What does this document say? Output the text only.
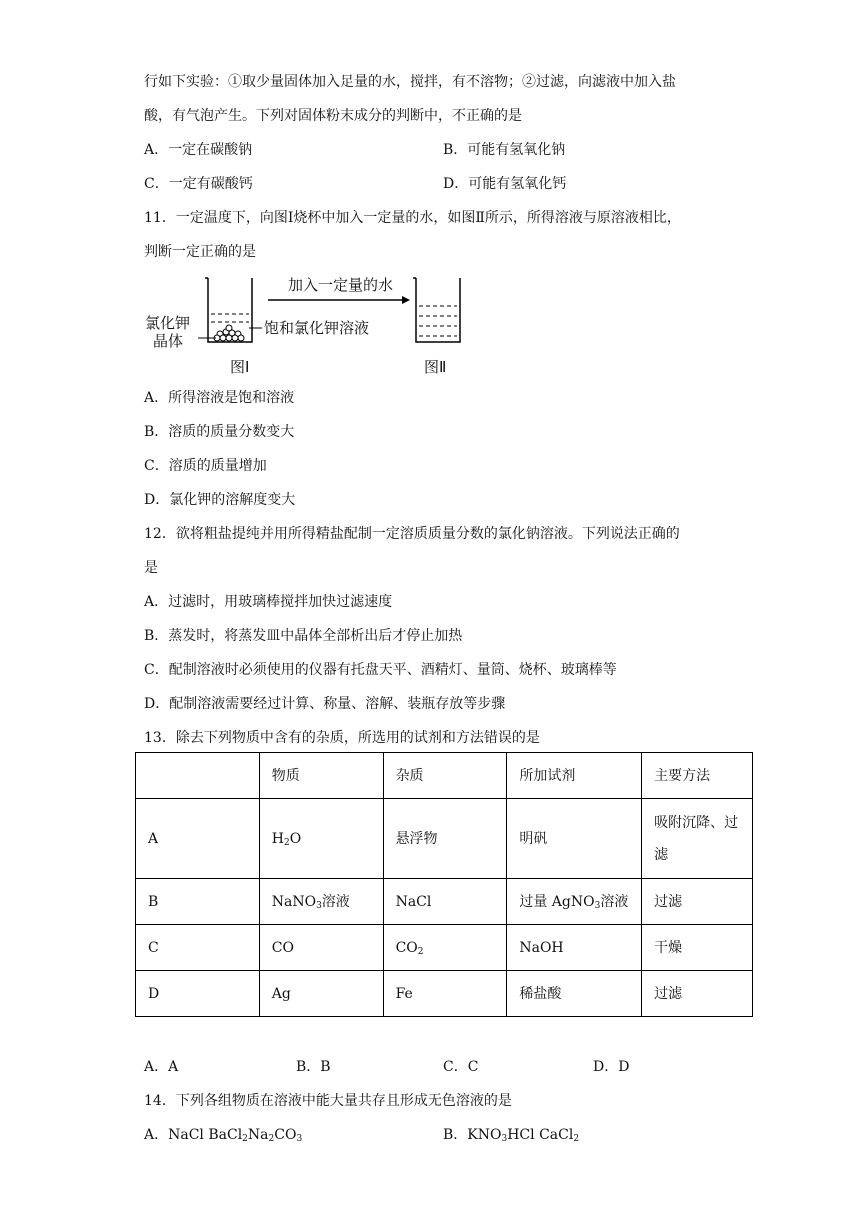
行如下实验：①取少量固体加入足量的水，搅拌，有不溶物；②过滤，向滤液中加入盐
酸，有气泡产生。下列对固体粉末成分的判断中，不正确的是
A．一定在碳酸钠	B．可能有氢氧化钠
C．一定有碳酸钙	D．可能有氢氧化钙
11．一定温度下，向图Ⅰ烧杯中加入一定量的水，如图Ⅱ所示，所得溶液与原溶液相比，
判断一定正确的是
加入一定量的水
氯化钾
晶体
饱和氯化钾溶液
图Ⅰ	图Ⅱ
A．所得溶液是饱和溶液
B．溶质的质量分数变大
C．溶质的质量增加
D．氯化钾的溶解度变大
12．欲将粗盐提纯并用所得精盐配制一定溶质质量分数的氯化钠溶液。下列说法正确的
是
A．过滤时，用玻璃棒搅拌加快过滤速度
B．蒸发时，将蒸发皿中晶体全部析出后才停止加热
C．配制溶液时必须使用的仪器有托盘天平、酒精灯、量筒、烧杯、玻璃棒等
D．配制溶液需要经过计算、称量、溶解、装瓶存放等步骤
13．除去下列物质中含有的杂质，所选用的试剂和方法错误的是
	物质	杂质	所加试剂	主要方法
A	$H_2O$	悬浮物	明矾	吸附沉降、过
滤

B	NaNO$_3$溶液	NaCl	过量 AgNO$_3$溶液	过滤
C	CO	$CO_2$	NaOH	干燥
D	Ag	Fe	稀盐酸	过滤
A．A	B．B	C．C	D．D
14．下列各组物质在溶液中能大量共存且形成无色溶液的是
A．NaCl $BaCl_2Na_2CO_3$	B．$KNO_3HCl$ CaCl$_2$
